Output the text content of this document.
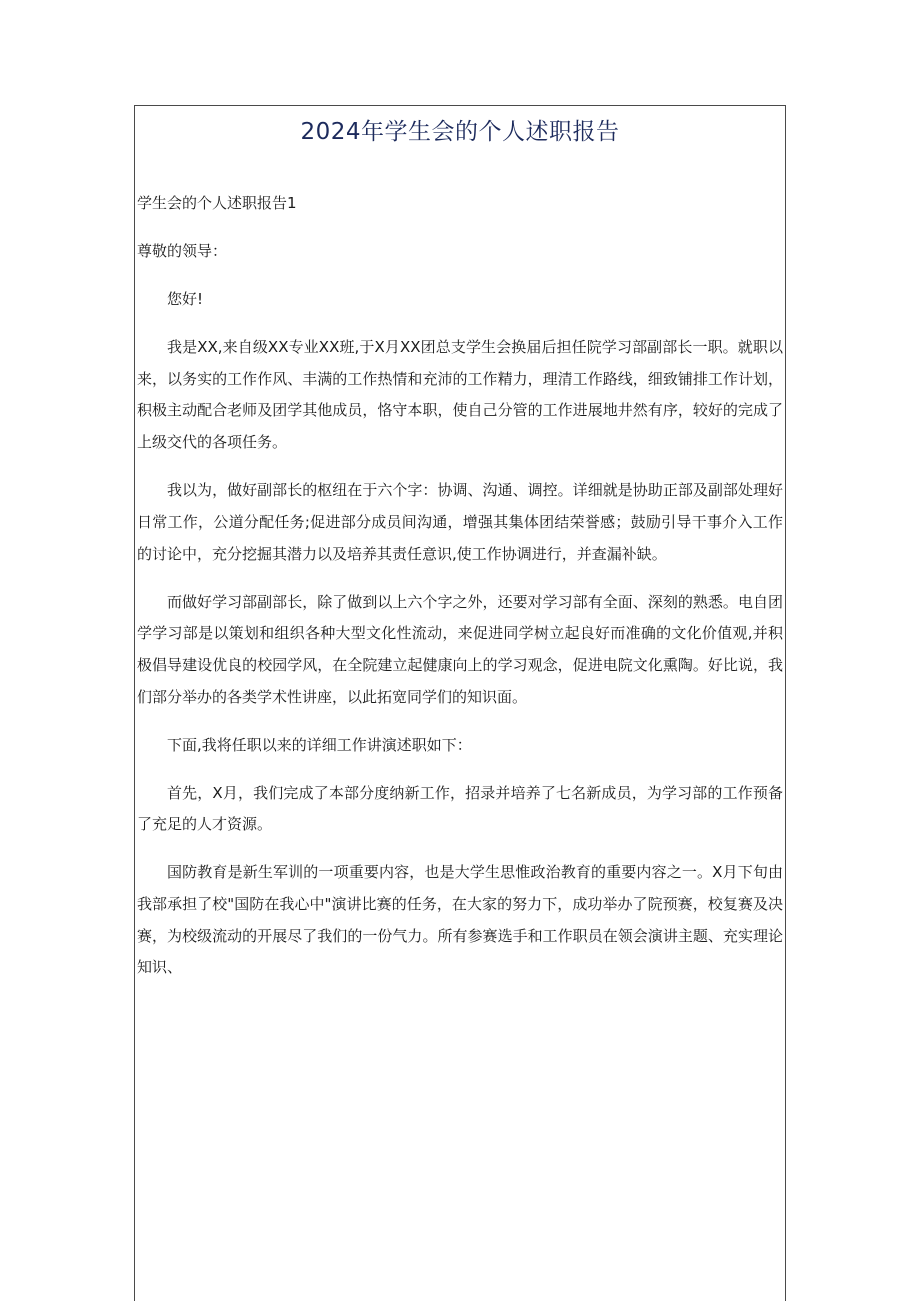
2024年学生会的个人述职报告

学生会的个人述职报告1

尊敬的领导：

您好!

我是XX,来自级XX专业XX班,于X月XX团总支学生会换届后担任院学习部副部长一职。就职以来，以务实的工作作风、丰满的工作热情和充沛的工作精力，理清工作路线，细致铺排工作计划，积极主动配合老师及团学其他成员，恪守本职，使自己分管的工作进展地井然有序，较好的完成了上级交代的各项任务。

我以为，做好副部长的枢纽在于六个字：协调、沟通、调控。详细就是协助正部及副部处理好日常工作，公道分配任务;促进部分成员间沟通，增强其集体团结荣誉感；鼓励引导干事介入工作的讨论中，充分挖掘其潜力以及培养其责任意识,使工作协调进行，并查漏补缺。

而做好学习部副部长，除了做到以上六个字之外，还要对学习部有全面、深刻的熟悉。电自团学学习部是以策划和组织各种大型文化性流动，来促进同学树立起良好而准确的文化价值观,并积极倡导建设优良的校园学风，在全院建立起健康向上的学习观念，促进电院文化熏陶。好比说，我们部分举办的各类学术性讲座，以此拓宽同学们的知识面。

下面,我将任职以来的详细工作讲演述职如下：

首先，X月，我们完成了本部分度纳新工作，招录并培养了七名新成员，为学习部的工作预备了充足的人才资源。

国防教育是新生军训的一项重要内容，也是大学生思惟政治教育的重要内容之一。X月下旬由我部承担了校"国防在我心中"演讲比赛的任务，在大家的努力下，成功举办了院预赛，校复赛及决赛，为校级流动的开展尽了我们的一份气力。所有参赛选手和工作职员在领会演讲主题、充实理论知识、
